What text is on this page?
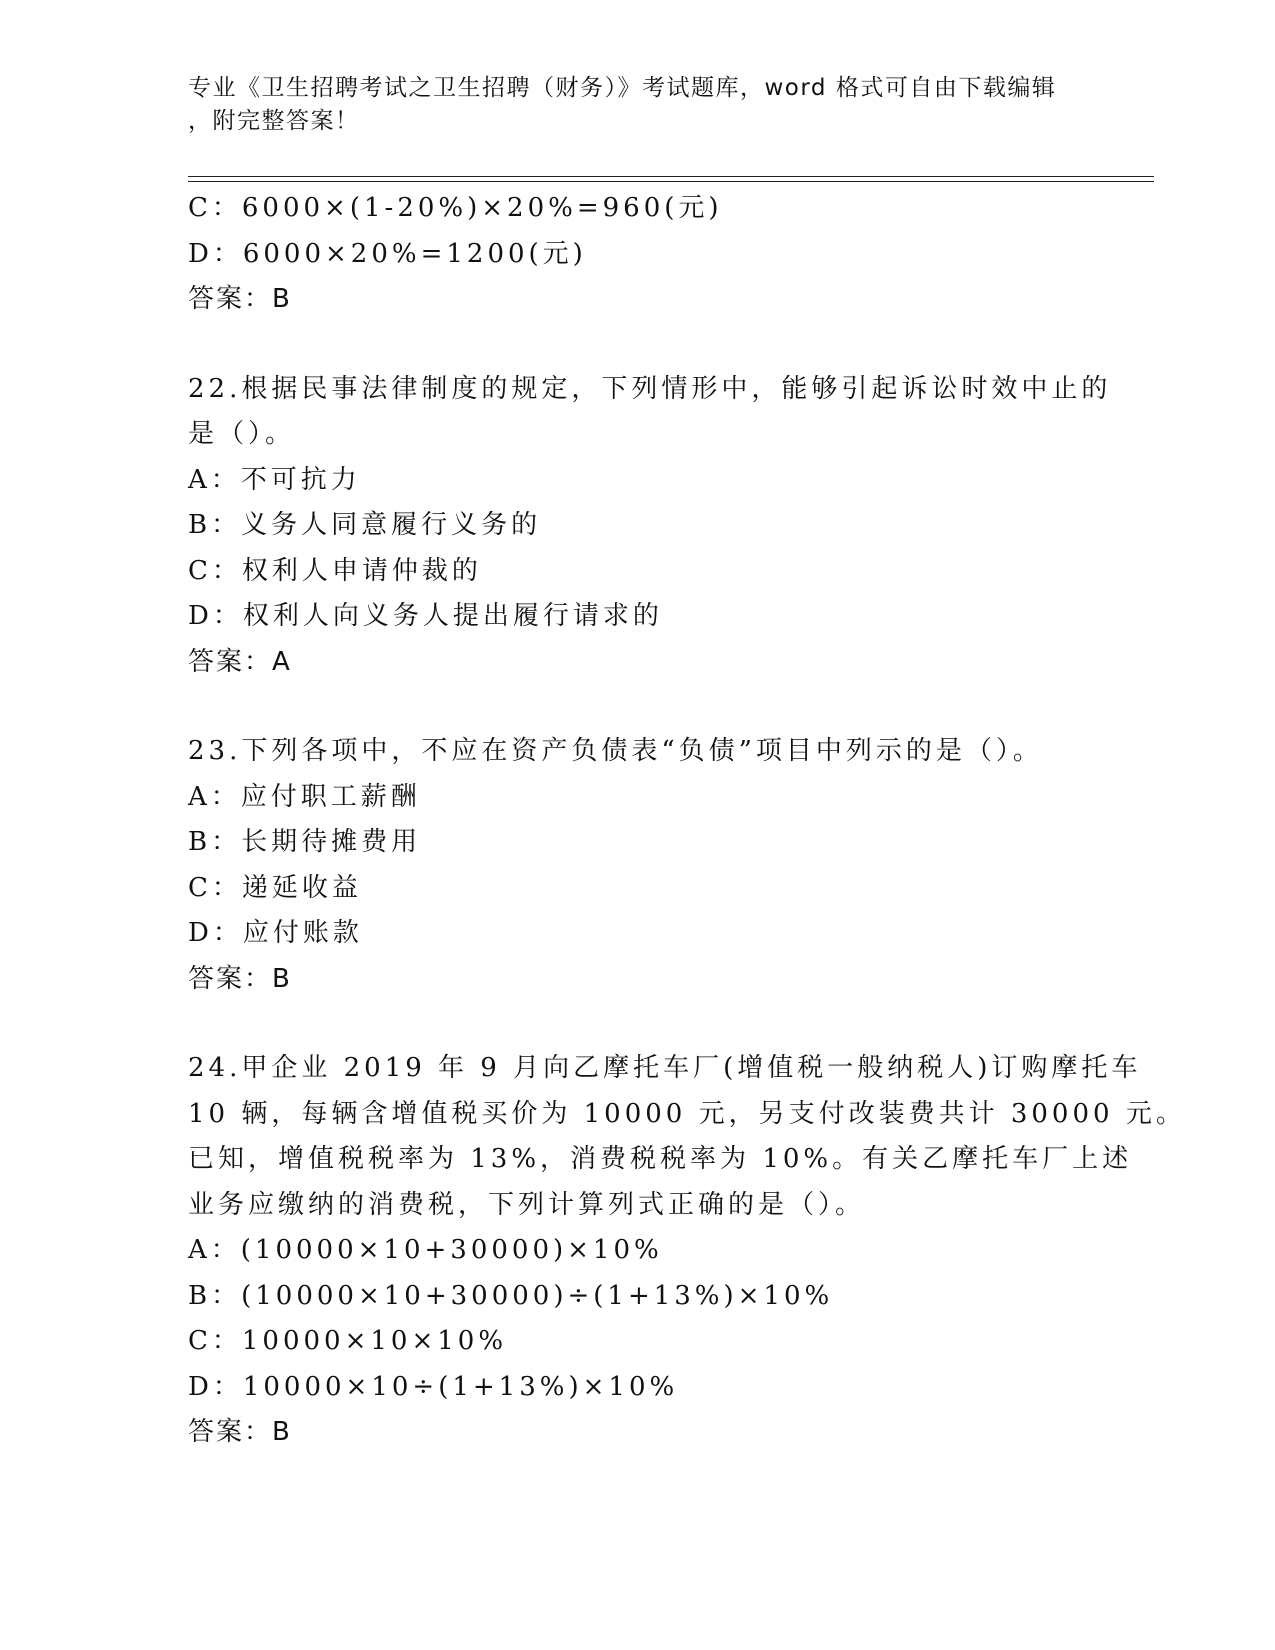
专业《卫生招聘考试之卫生招聘（财务）》考试题库，word 格式可自由下载编辑
，附完整答案！
C：6000×(1-20%)×20%=960(元)
D：6000×20%=1200(元)
答案：B
22.根据民事法律制度的规定，下列情形中，能够引起诉讼时效中止的
是（）。
A：不可抗力
B：义务人同意履行义务的
C：权利人申请仲裁的
D：权利人向义务人提出履行请求的
答案：A
23.下列各项中，不应在资产负债表“负债”项目中列示的是（）。
A：应付职工薪酬
B：长期待摊费用
C：递延收益
D：应付账款
答案：B
24.甲企业 2019 年 9 月向乙摩托车厂(增值税一般纳税人)订购摩托车
10 辆，每辆含增值税买价为 10000 元，另支付改装费共计 30000 元。
已知，增值税税率为 13%，消费税税率为 10%。有关乙摩托车厂上述
业务应缴纳的消费税，下列计算列式正确的是（）。
A：(10000×10+30000)×10%
B：(10000×10+30000)÷(1+13%)×10%
C：10000×10×10%
D：10000×10÷(1+13%)×10%
答案：B
